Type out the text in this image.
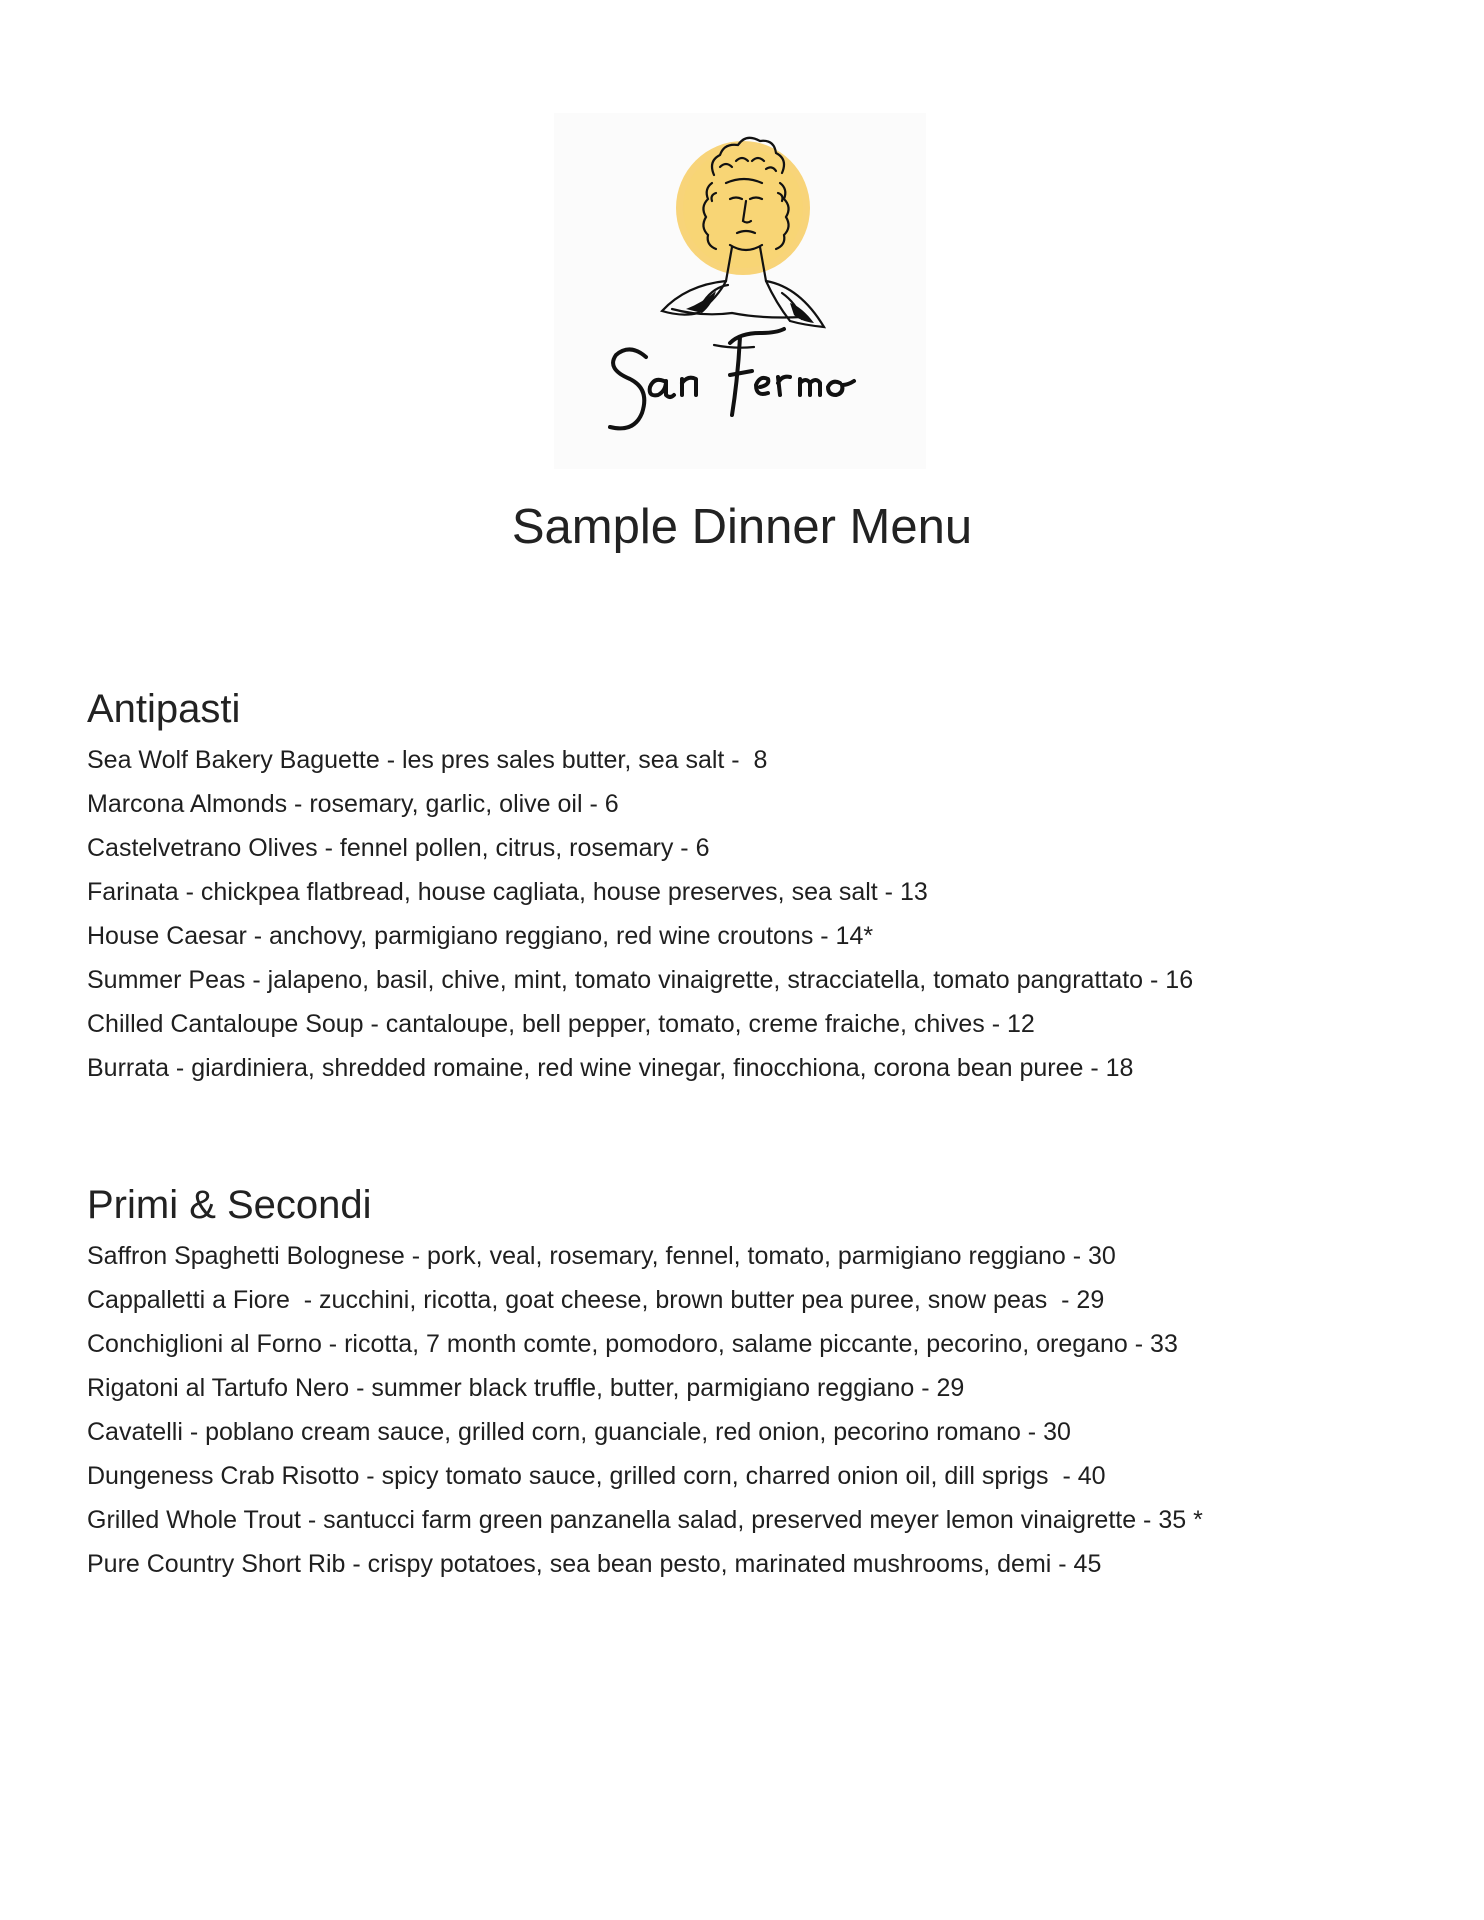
Sample Dinner Menu
Antipasti

Sea Wolf Bakery Baguette - les pres sales butter, sea salt -  8

Marcona Almonds - rosemary, garlic, olive oil - 6

Castelvetrano Olives - fennel pollen, citrus, rosemary - 6

Farinata - chickpea flatbread, house cagliata, house preserves, sea salt - 13

House Caesar - anchovy, parmigiano reggiano, red wine croutons - 14*

Summer Peas - jalapeno, basil, chive, mint, tomato vinaigrette, stracciatella, tomato pangrattato - 16

Chilled Cantaloupe Soup - cantaloupe, bell pepper, tomato, creme fraiche, chives - 12

Burrata - giardiniera, shredded romaine, red wine vinegar, finocchiona, corona bean puree - 18

Primi & Secondi

Saffron Spaghetti Bolognese - pork, veal, rosemary, fennel, tomato, parmigiano reggiano - 30

Cappalletti a Fiore  - zucchini, ricotta, goat cheese, brown butter pea puree, snow peas  - 29

Conchiglioni al Forno - ricotta, 7 month comte, pomodoro, salame piccante, pecorino, oregano - 33

Rigatoni al Tartufo Nero - summer black truffle, butter, parmigiano reggiano - 29

Cavatelli - poblano cream sauce, grilled corn, guanciale, red onion, pecorino romano - 30

Dungeness Crab Risotto - spicy tomato sauce, grilled corn, charred onion oil, dill sprigs  - 40

Grilled Whole Trout - santucci farm green panzanella salad, preserved meyer lemon vinaigrette - 35 *

Pure Country Short Rib - crispy potatoes, sea bean pesto, marinated mushrooms, demi - 45
